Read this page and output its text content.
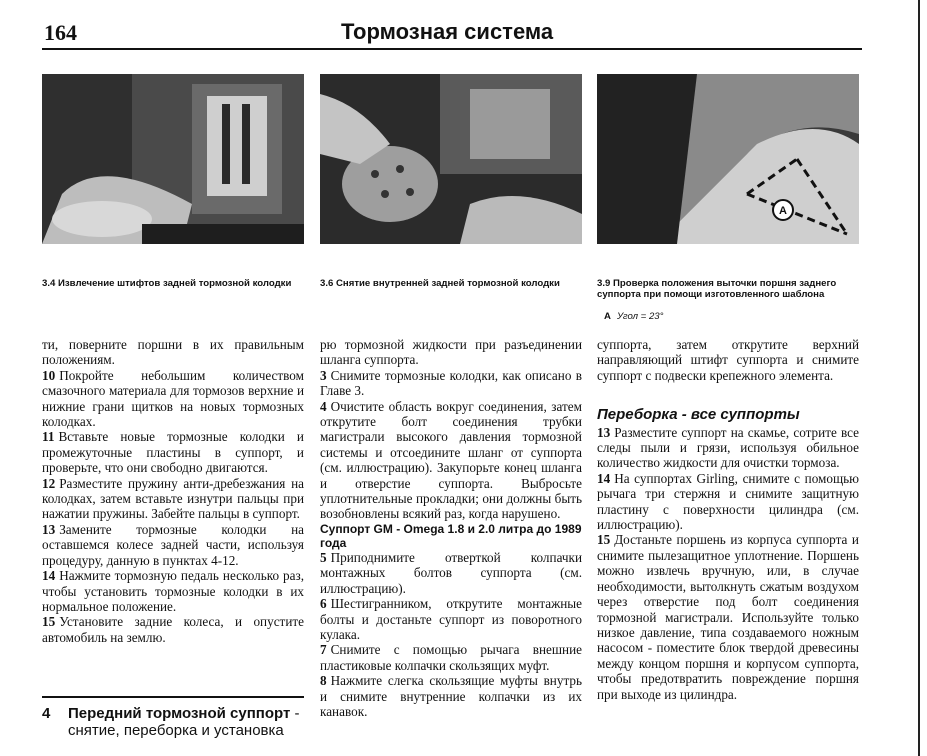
164	Тормозная система
A
3.4 Извлечение штифтов задней тормозной колодки	3.6 Снятие внутренней задней тормозной колодки	3.9 Проверка положения выточки поршня заднего суппорта при помощи изготовленного шаблона
A Угол = 23°

ти, поверните поршни в их правильным положениям.

10 Покройте небольшим количеством смазочного материала для тормозов верхние и нижние грани щитков на новых тормозных колодках.

11 Вставьте новые тормозные колодки и промежуточные пластины в суппорт, и проверьте, что они свободно двигаются.

12 Разместите пружину анти-дребезжания на колодках, затем вставьте изнутри пальцы при нажатии пружины. Забейте пальцы в суппорт.

13 Замените тормозные колодки на оставшемся колесе задней части, используя процедуру, данную в пунктах 4-12.

14 Нажмите тормозную педаль несколько раз, чтобы установить тормозные колодки в их нормальное положение.

15 Установите задние колеса, и опустите автомобиль на землю.

4 Передний тормозной суппорт - снятие, переборка и установка

рю тормозной жидкости при разъединении шланга суппорта.

3 Снимите тормозные колодки, как описано в Главе 3.

4 Очистите область вокруг соединения, затем открутите болт соединения трубки магистрали высокого давления тормозной системы и отсоедините шланг от суппорта (см. иллюстрацию). Закупорьте конец шланга и отверстие суппорта. Выбросьте уплотнительные прокладки; они должны быть возобновлены всякий раз, когда нарушено.

Суппорт GM - Omega 1.8 и 2.0 литра до 1989 года

5 Приподнимите отверткой колпачки монтажных болтов суппорта (см. иллюстрацию).

6 Шестигранником, открутите монтажные болты и достаньте суппорт из поворотного кулака.

7 Снимите с помощью рычага внешние пластиковые колпачки скользящих муфт.

8 Нажмите слегка скользящие муфты внутрь и снимите внутренние колпачки из их канавок.

суппорта, затем открутите верхний направляющий штифт суппорта и снимите суппорт с подвески крепежного элемента.

Переборка - все суппорты

13 Разместите суппорт на скамье, сотрите все следы пыли и грязи, используя обильное количество жидкости для очистки тормоза.

14 На суппортах Girling, снимите с помощью рычага три стержня и снимите защитную пластину с поверхности цилиндра (см. иллюстрацию).

15 Достаньте поршень из корпуса суппорта и снимите пылезащитное уплотнение. Поршень можно извлечь вручную, или, в случае необходимости, вытолкнуть сжатым воздухом через отверстие под болт соединения тормозной магистрали. Используйте только низкое давление, типа создаваемого ножным насосом - поместите блок твердой древесины между концом поршня и корпусом суппорта, чтобы предотвратить повреждение поршня при выходе из цилиндра.
